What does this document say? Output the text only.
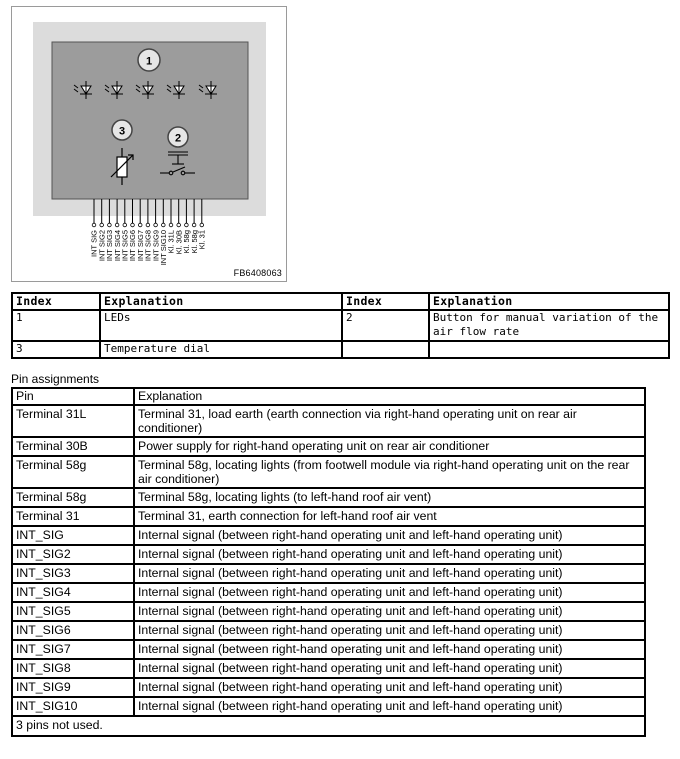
1
3
2
INT SIG
INT SIG2
INT SIG3
INT SIG4
INT SIG5
INT SIG6
INT SIG7
INT SIG8
INT SIG9
INT SIG10
Kl. 31L
Kl. 30B
Kl. 58g
Kl. 58g
Kl. 31
FB6408063
Index	Explanation	Index	Explanation
1	LEDs	2	Button for manual variation of the air flow rate
3	Temperature dial		
Pin assignments
Pin	Explanation
Terminal 31L	Terminal 31, load earth (earth connection via right-hand operating unit on rear air conditioner)
Terminal 30B	Power supply for right-hand operating unit on rear air conditioner
Terminal 58g	Terminal 58g, locating lights (from footwell module via right-hand operating unit on the rear air conditioner)
Terminal 58g	Terminal 58g, locating lights (to left-hand roof air vent)
Terminal 31	Terminal 31, earth connection for left-hand roof air vent
INT_SIG	Internal signal (between right-hand operating unit and left-hand operating unit)
INT_SIG2	Internal signal (between right-hand operating unit and left-hand operating unit)
INT_SIG3	Internal signal (between right-hand operating unit and left-hand operating unit)
INT_SIG4	Internal signal (between right-hand operating unit and left-hand operating unit)
INT_SIG5	Internal signal (between right-hand operating unit and left-hand operating unit)
INT_SIG6	Internal signal (between right-hand operating unit and left-hand operating unit)
INT_SIG7	Internal signal (between right-hand operating unit and left-hand operating unit)
INT_SIG8	Internal signal (between right-hand operating unit and left-hand operating unit)
INT_SIG9	Internal signal (between right-hand operating unit and left-hand operating unit)
INT_SIG10	Internal signal (between right-hand operating unit and left-hand operating unit)
3 pins not used.	
